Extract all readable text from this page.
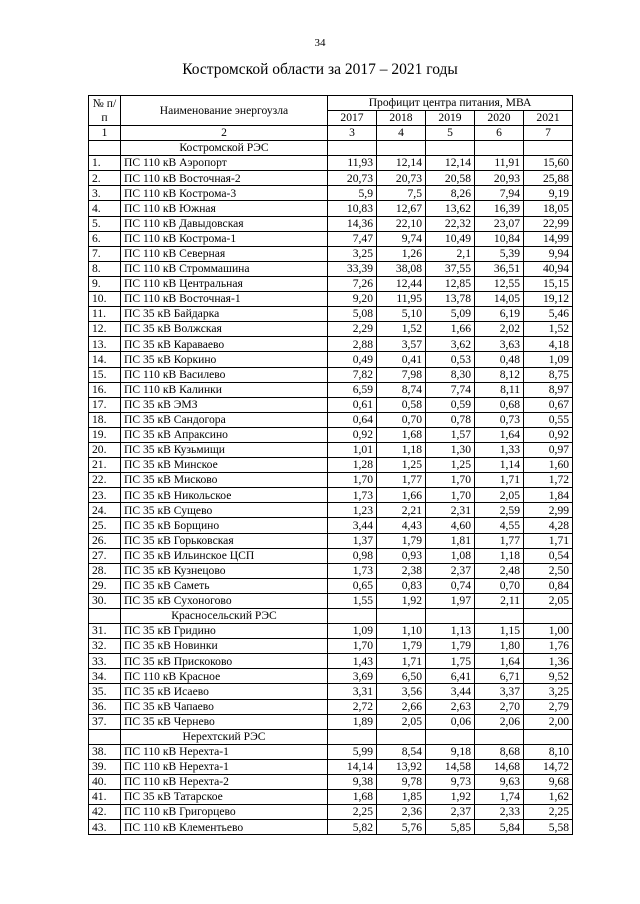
34
Костромской области за 2017 – 2021 годы
№ п/п	Наименование энергоузла	Профицит центра питания, МВА				
		2017	2018	2019	2020	2021
1	2	3	4	5	6	7
	Костромской РЭС					
1.	ПС 110 кВ Аэропорт	11,93	12,14	12,14	11,91	15,60
2.	ПС 110 кВ Восточная-2	20,73	20,73	20,58	20,93	25,88
3.	ПС 110 кВ Кострома-3	5,9	7,5	8,26	7,94	9,19
4.	ПС 110 кВ Южная	10,83	12,67	13,62	16,39	18,05
5.	ПС 110 кВ Давыдовская	14,36	22,10	22,32	23,07	22,99
6.	ПС 110 кВ Кострома-1	7,47	9,74	10,49	10,84	14,99
7.	ПС 110 кВ Северная	3,25	1,26	2,1	5,39	9,94
8.	ПС 110 кВ Строммашина	33,39	38,08	37,55	36,51	40,94
9.	ПС 110 кВ Центральная	7,26	12,44	12,85	12,55	15,15
10.	ПС 110 кВ Восточная-1	9,20	11,95	13,78	14,05	19,12
11.	ПС 35 кВ Байдарка	5,08	5,10	5,09	6,19	5,46
12.	ПС 35 кВ Волжская	2,29	1,52	1,66	2,02	1,52
13.	ПС 35 кВ Караваево	2,88	3,57	3,62	3,63	4,18
14.	ПС 35 кВ Коркино	0,49	0,41	0,53	0,48	1,09
15.	ПС 110 кВ Василево	7,82	7,98	8,30	8,12	8,75
16.	ПС 110 кВ Калинки	6,59	8,74	7,74	8,11	8,97
17.	ПС 35 кВ ЭМЗ	0,61	0,58	0,59	0,68	0,67
18.	ПС 35 кВ Сандогора	0,64	0,70	0,78	0,73	0,55
19.	ПС 35 кВ Апраксино	0,92	1,68	1,57	1,64	0,92
20.	ПС 35 кВ Кузьмищи	1,01	1,18	1,30	1,33	0,97
21.	ПС 35 кВ Минское	1,28	1,25	1,25	1,14	1,60
22.	ПС 35 кВ Мисково	1,70	1,77	1,70	1,71	1,72
23.	ПС 35 кВ Никольское	1,73	1,66	1,70	2,05	1,84
24.	ПС 35 кВ Сущево	1,23	2,21	2,31	2,59	2,99
25.	ПС 35 кВ Борщино	3,44	4,43	4,60	4,55	4,28
26.	ПС 35 кВ Горьковская	1,37	1,79	1,81	1,77	1,71
27.	ПС 35 кВ Ильинское ЦСП	0,98	0,93	1,08	1,18	0,54
28.	ПС 35 кВ Кузнецово	1,73	2,38	2,37	2,48	2,50
29.	ПС 35 кВ Саметь	0,65	0,83	0,74	0,70	0,84
30.	ПС 35 кВ Сухоногово	1,55	1,92	1,97	2,11	2,05
	Красносельский РЭС					
31.	ПС 35 кВ Гридино	1,09	1,10	1,13	1,15	1,00
32.	ПС 35 кВ Новинки	1,70	1,79	1,79	1,80	1,76
33.	ПС 35 кВ Прискоково	1,43	1,71	1,75	1,64	1,36
34.	ПС 110 кВ Красное	3,69	6,50	6,41	6,71	9,52
35.	ПС 35 кВ Исаево	3,31	3,56	3,44	3,37	3,25
36.	ПС 35 кВ Чапаево	2,72	2,66	2,63	2,70	2,79
37.	ПС 35 кВ Чернево	1,89	2,05	0,06	2,06	2,00
	Нерехтский РЭС					
38.	ПС 110 кВ Нерехта-1	5,99	8,54	9,18	8,68	8,10
39.	ПС 110 кВ Нерехта-1	14,14	13,92	14,58	14,68	14,72
40.	ПС 110 кВ Нерехта-2	9,38	9,78	9,73	9,63	9,68
41.	ПС 35 кВ Татарское	1,68	1,85	1,92	1,74	1,62
42.	ПС 110 кВ Григорцево	2,25	2,36	2,37	2,33	2,25
43.	ПС 110 кВ Клементьево	5,82	5,76	5,85	5,84	5,58
